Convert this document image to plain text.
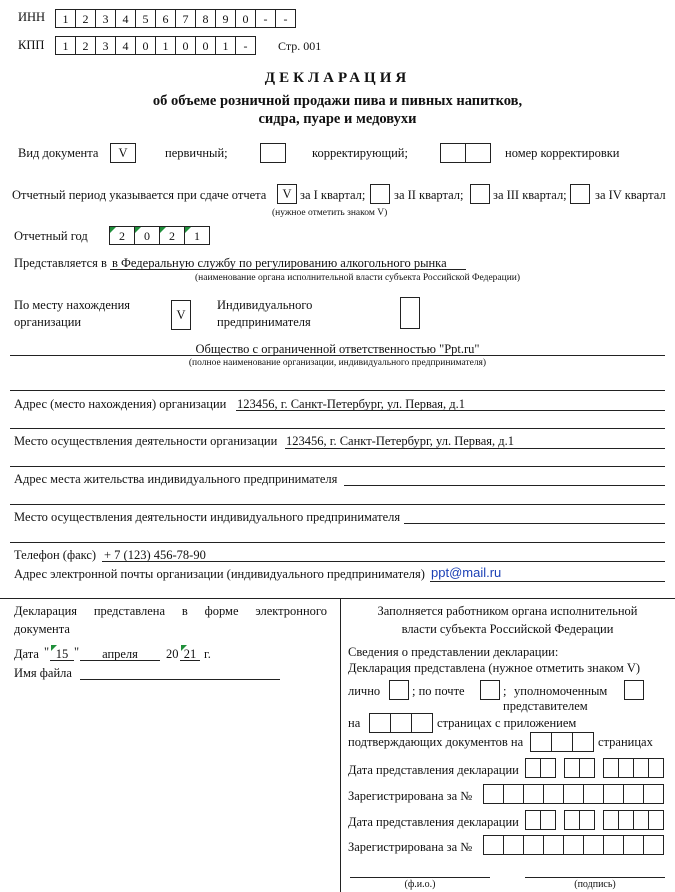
ИНН	1	2	3	4	5	6	7	8	9	0	-	-
КПП	1	2	3	4	0	1	0	0	1	-	Стр. 001
ДЕКЛАРАЦИЯ
об объеме розничной продажи пива и пивных напитков,
сидра, пуаре и медовухи
Вид документа	V	первичный;	корректирующий;	номер корректировки
Отчетный период указывается при сдаче отчета	V за I квартал; за II квартал; за III квартал; за IV квартал
(нужное отметить знаком V)
Отчетный год	2	0	2	1
Представляется в в Федеральную службу по регулированию алкогольного рынка
(наименование органа исполнительной власти субъекта Российской Федерации)
По месту нахождения
организации	V
Индивидуального
предпринимателя
Общество с ограниченной ответственностью "Ppt.ru"
(полное наименование организации, индивидуального предпринимателя)
Адрес (место нахождения) организации 123456, г. Санкт-Петербург, ул. Первая, д.1
Место осуществления деятельности организации 123456, г. Санкт-Петербург, ул. Первая, д.1
Адрес места жительства индивидуального предпринимателя
Место осуществления деятельности индивидуального предпринимателя
Телефон (факс) + 7 (123) 456-78-90
Адрес электронной почты организации (индивидуального предпринимателя) ppt@mail.ru
Декларация представлена в форме электронного
документа
Дата " 15 "	апреля	20 21 г.
Имя файла
Заполняется работником органа исполнительной
власти субъекта Российской Федерации
Сведения о представлении декларации:
Декларация представлена (нужное отметить знаком V)
лично	; по почте	; уполномоченным
представителем
на	страницах с приложением
подтверждающих документов на	страницах
Дата представления декларации
Зарегистрирована за №
Дата представления декларации
Зарегистрирована за №
(ф.и.о.)	(подпись)
